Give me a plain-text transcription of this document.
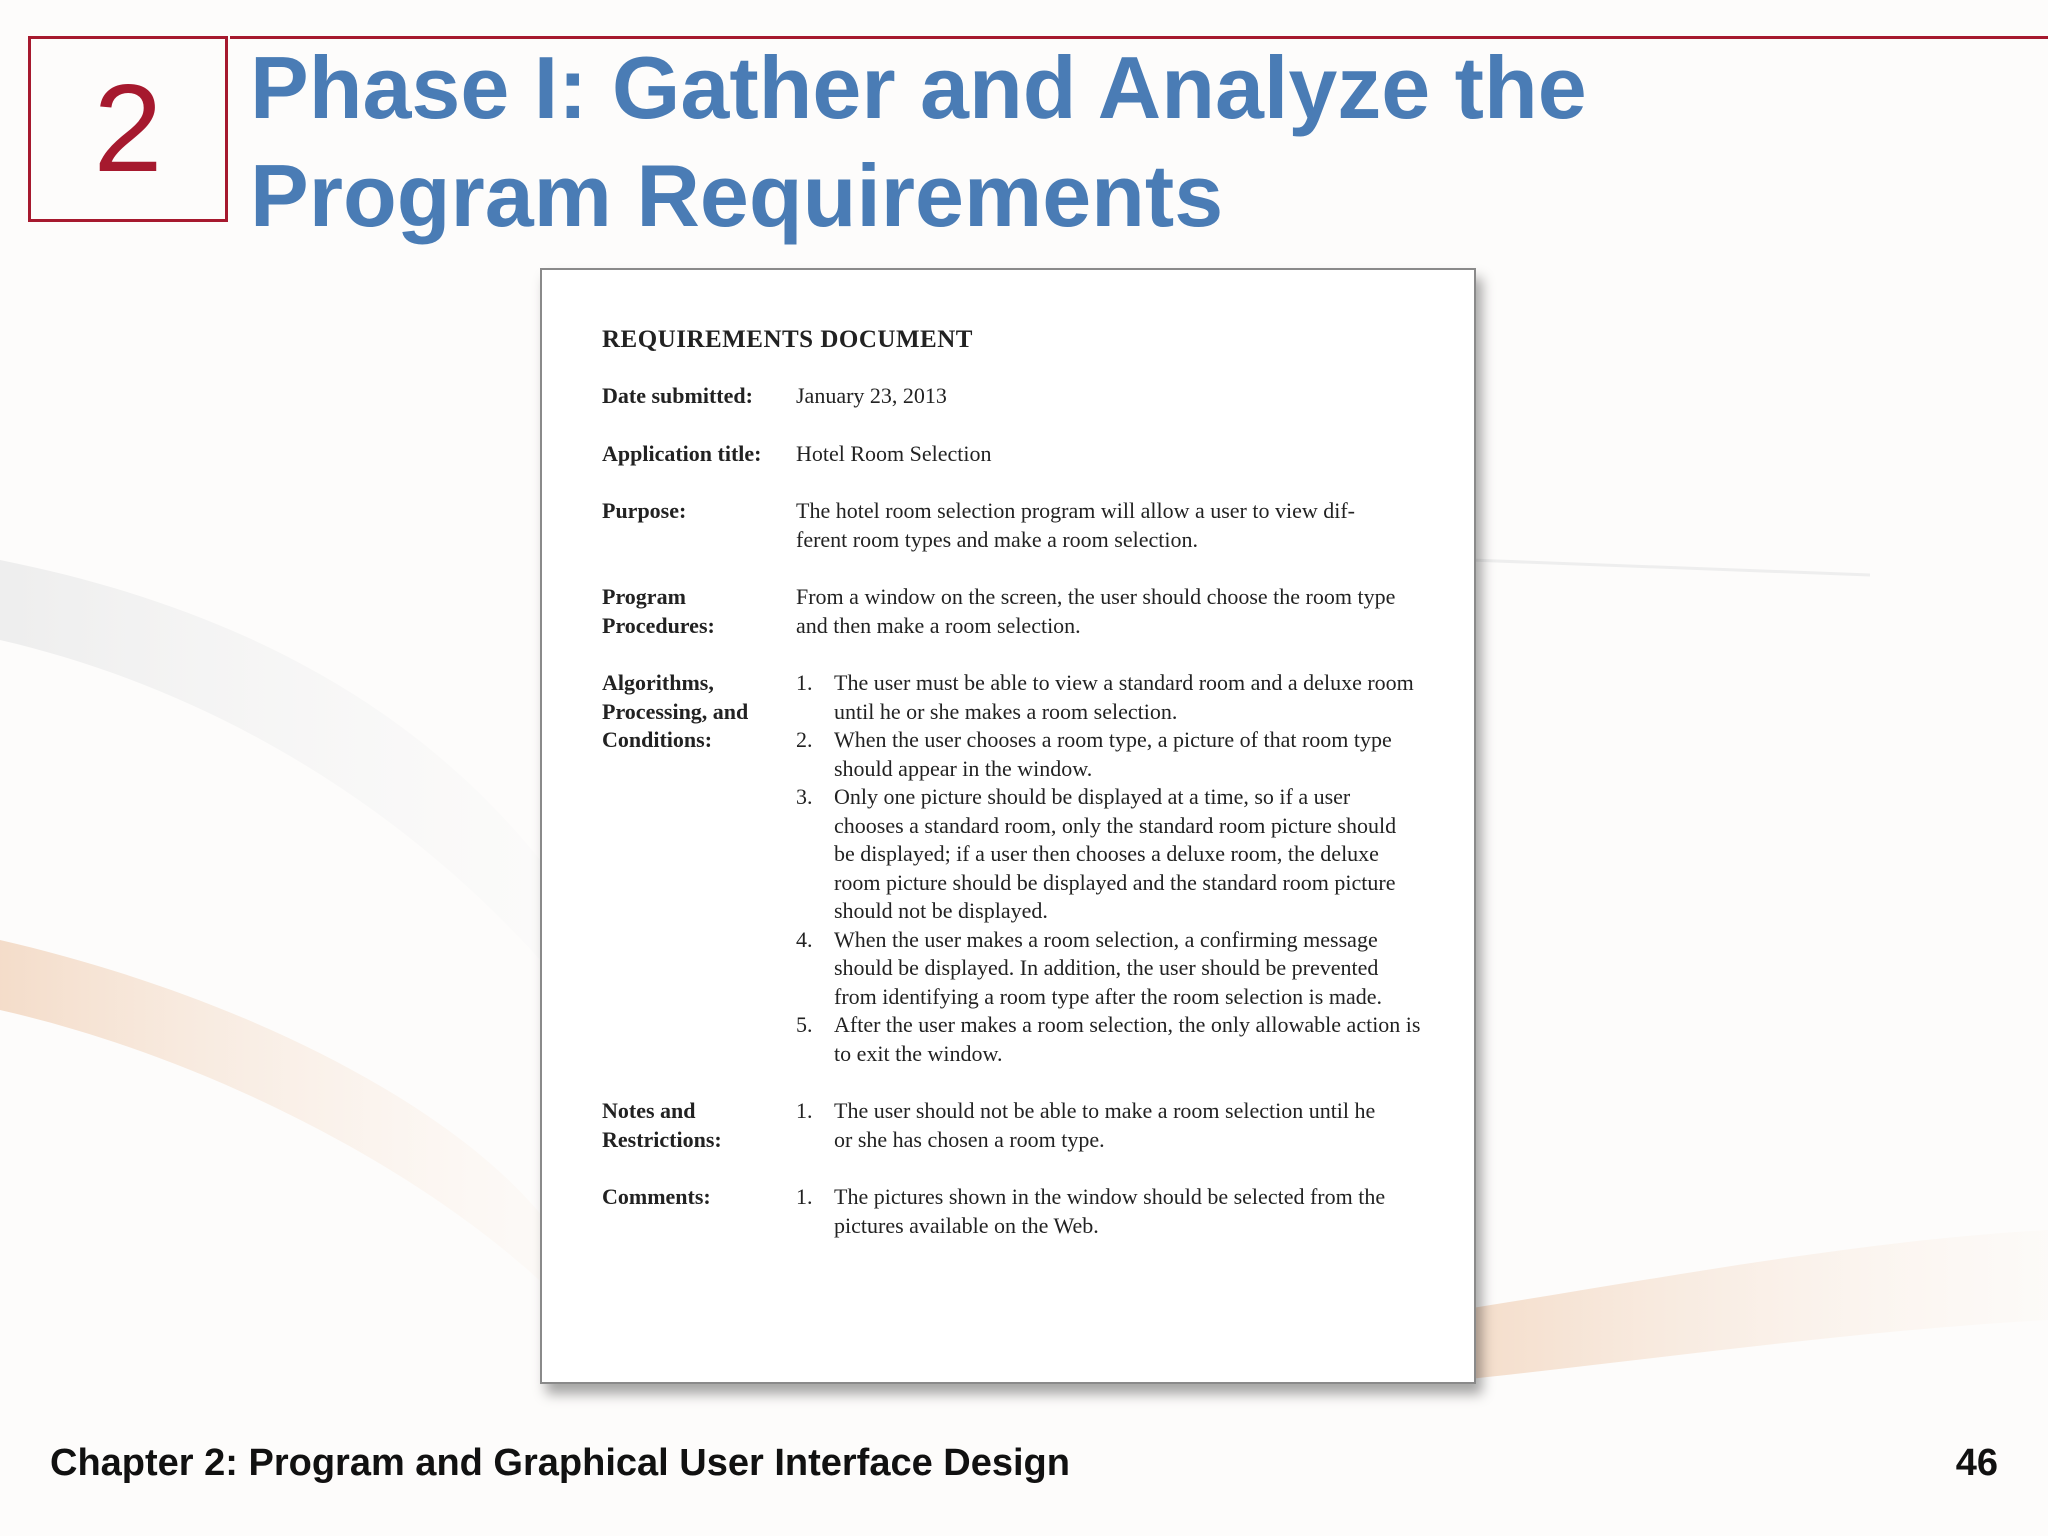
2 Phase I: Gather and Analyze the
Program Requirements
REQUIREMENTS DOCUMENT
Date submitted:	January 23, 2013
Application title:	Hotel Room Selection
Purpose:	The hotel room selection program will allow a user to view dif- ferent room types and make a room selection.
Program Procedures:
From a window on the screen, the user should choose the room type and then make a room selection.
Algorithms, Processing, and Conditions:
1. The user must be able to view a standard room and a deluxe room until he or she makes a room selection.
2. When the user chooses a room type, a picture of that room type should appear in the window.
3. Only one picture should be displayed at a time, so if a user chooses a standard room, only the standard room picture should be displayed; if a user then chooses a deluxe room, the deluxe room picture should be displayed and the standard room picture should not be displayed.
4. When the user makes a room selection, a confirming message should be displayed. In addition, the user should be prevented from identifying a room type after the room selection is made.
5. After the user makes a room selection, the only allowable action is to exit the window.
Notes and Restrictions:
1. The user should not be able to make a room selection until he or she has chosen a room type.
Comments:	1. The pictures shown in the window should be selected from the pictures available on the Web.
Chapter 2: Program and Graphical User Interface Design	46
